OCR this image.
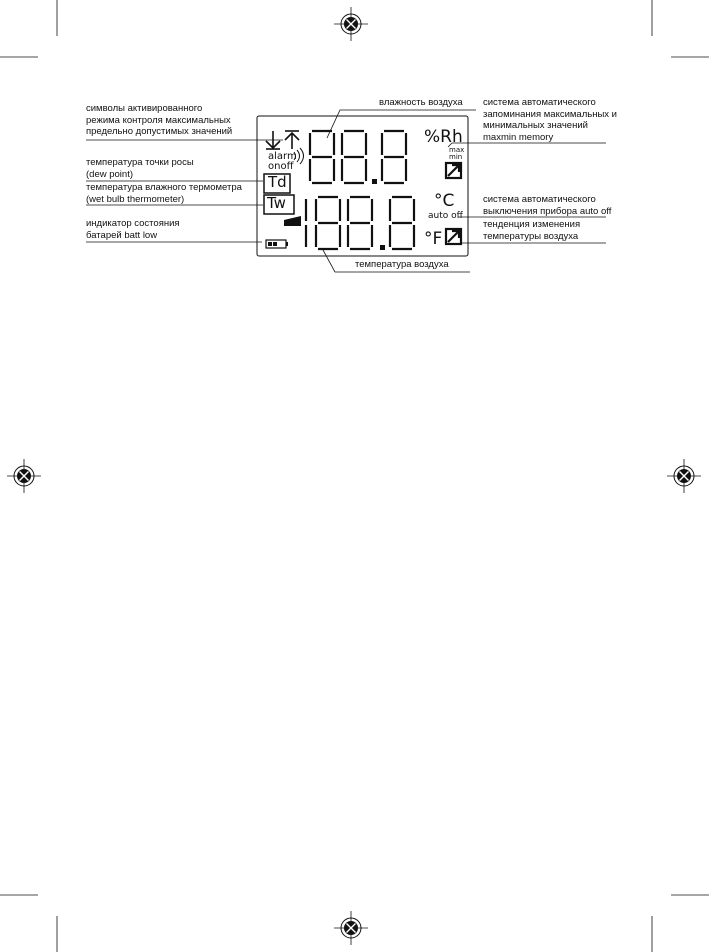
alarm
onoff
Td
Tw
%Rh
max
min
°C
auto off
°F
символы активированного
режима контроля максимальных
предельно допустимых значений
температура точки росы
(dew point)
температура влажного термометра
(wet bulb thermometer)
индикатор состояния
батарей batt low
влажность воздуха система автоматического
запоминания максимальных и
минимальных значений
maxmin memory
система автоматического
выключения прибора auto off
тенденция изменения
температуры воздуха
температура воздуха
